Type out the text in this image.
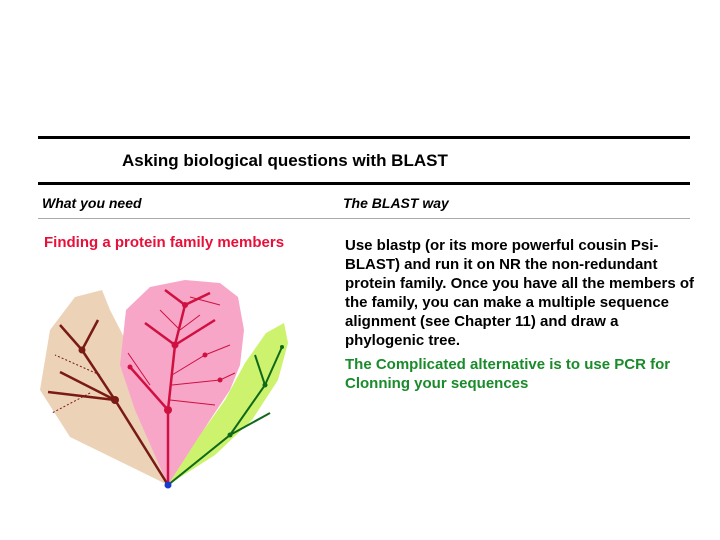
Asking biological questions with BLAST
What you need	The BLAST way
Finding a protein family members	Use blastp (or its more powerful cousin Psi-BLAST) and run it on NR the non-redundant protein family. Once you have all the members of the family, you can make a multiple sequence alignment (see Chapter 11) and draw a phylogenic tree.
The Complicated alternative is to use PCR for Clonning your sequences
